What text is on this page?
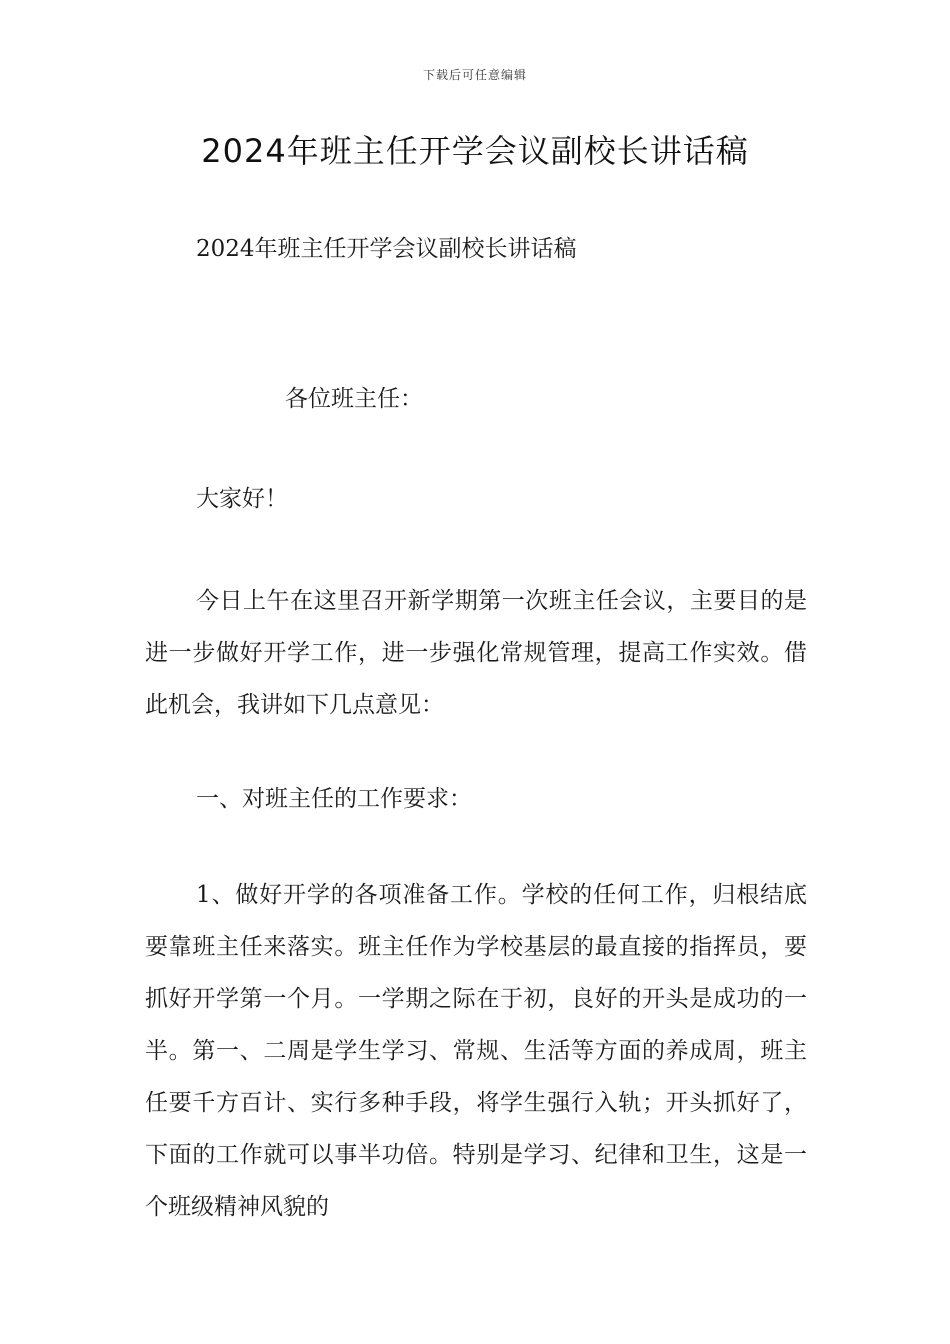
下载后可任意编辑
2024年班主任开学会议副校长讲话稿
2024年班主任开学会议副校长讲话稿
各位班主任：
大家好！

今日上午在这里召开新学期第一次班主任会议，主要目的是进一步做好开学工作，进一步强化常规管理，提高工作实效。借此机会，我讲如下几点意见：

一、对班主任的工作要求：

1、做好开学的各项准备工作。学校的任何工作，归根结底要靠班主任来落实。班主任作为学校基层的最直接的指挥员，要抓好开学第一个月。一学期之际在于初，良好的开头是成功的一半。第一、二周是学生学习、常规、生活等方面的养成周，班主任要千方百计、实行多种手段，将学生强行入轨；开头抓好了，下面的工作就可以事半功倍。特别是学习、纪律和卫生，这是一个班级精神风貌的
